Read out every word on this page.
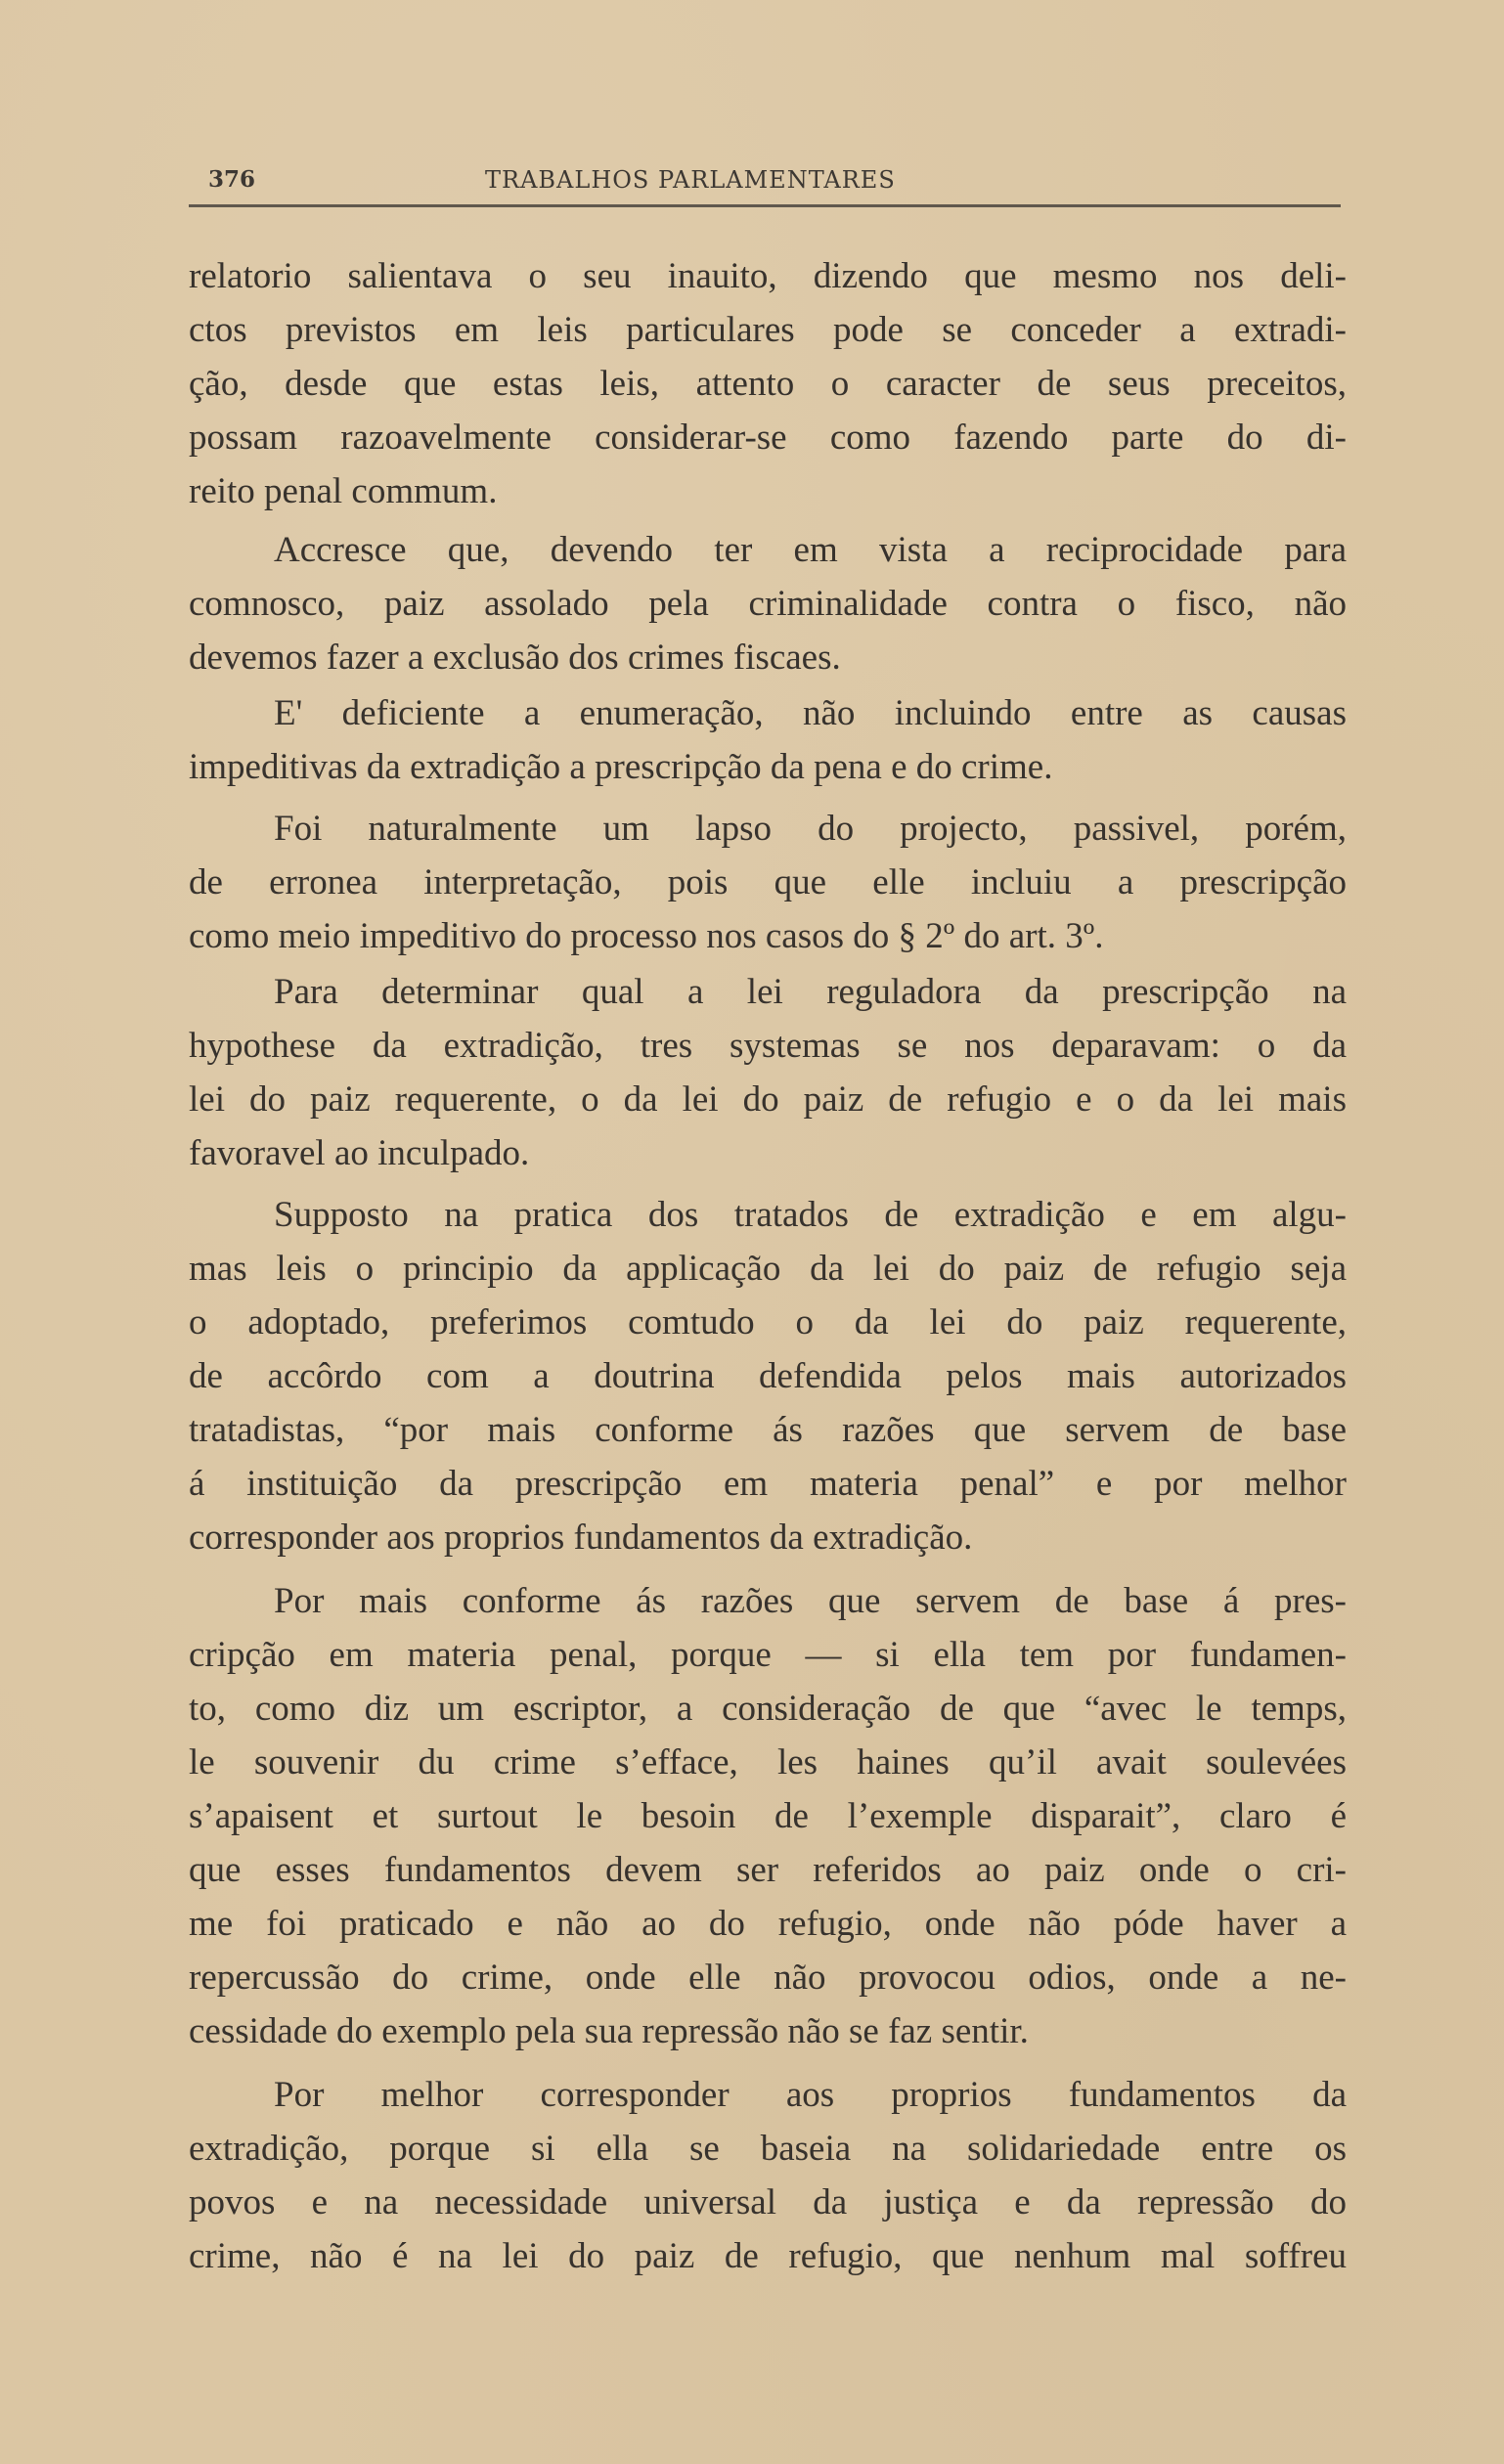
376	TRABALHOS PARLAMENTARES
relatorio salientava o seu inauito, dizendo que mesmo nos deli-
ctos previstos em leis particulares pode se conceder a extradi-
ção, desde que estas leis, attento o caracter de seus preceitos,
possam razoavelmente considerar-se como fazendo parte do di-
reito penal commum.
Accresce que, devendo ter em vista a reciprocidade para
comnosco, paiz assolado pela criminalidade contra o fisco, não
devemos fazer a exclusão dos crimes fiscaes.
E' deficiente a enumeração, não incluindo entre as causas
impeditivas da extradição a prescripção da pena e do crime.
Foi naturalmente um lapso do projecto, passivel, porém,
de erronea interpretação, pois que elle incluiu a prescripção
como meio impeditivo do processo nos casos do § 2º do art. 3º.
Para determinar qual a lei reguladora da prescripção na
hypothese da extradição, tres systemas se nos deparavam: o da
lei do paiz requerente, o da lei do paiz de refugio e o da lei mais
favoravel ao inculpado.
Supposto na pratica dos tratados de extradição e em algu-
mas leis o principio da applicação da lei do paiz de refugio seja
o adoptado, preferimos comtudo o da lei do paiz requerente,
de accôrdo com a doutrina defendida pelos mais autorizados
tratadistas, “por mais conforme ás razões que servem de base
á instituição da prescripção em materia penal” e por melhor
corresponder aos proprios fundamentos da extradição.
Por mais conforme ás razões que servem de base á pres-
cripção em materia penal, porque — si ella tem por fundamen-
to, como diz um escriptor, a consideração de que “avec le temps,
le souvenir du crime s’efface, les haines qu’il avait soulevées
s’apaisent et surtout le besoin de l’exemple disparait”, claro é
que esses fundamentos devem ser referidos ao paiz onde o cri-
me foi praticado e não ao do refugio, onde não póde haver a
repercussão do crime, onde elle não provocou odios, onde a ne-
cessidade do exemplo pela sua repressão não se faz sentir.
Por melhor corresponder aos proprios fundamentos da
extradição, porque si ella se baseia na solidariedade entre os
povos e na necessidade universal da justiça e da repressão do
crime, não é na lei do paiz de refugio, que nenhum mal soffreu
